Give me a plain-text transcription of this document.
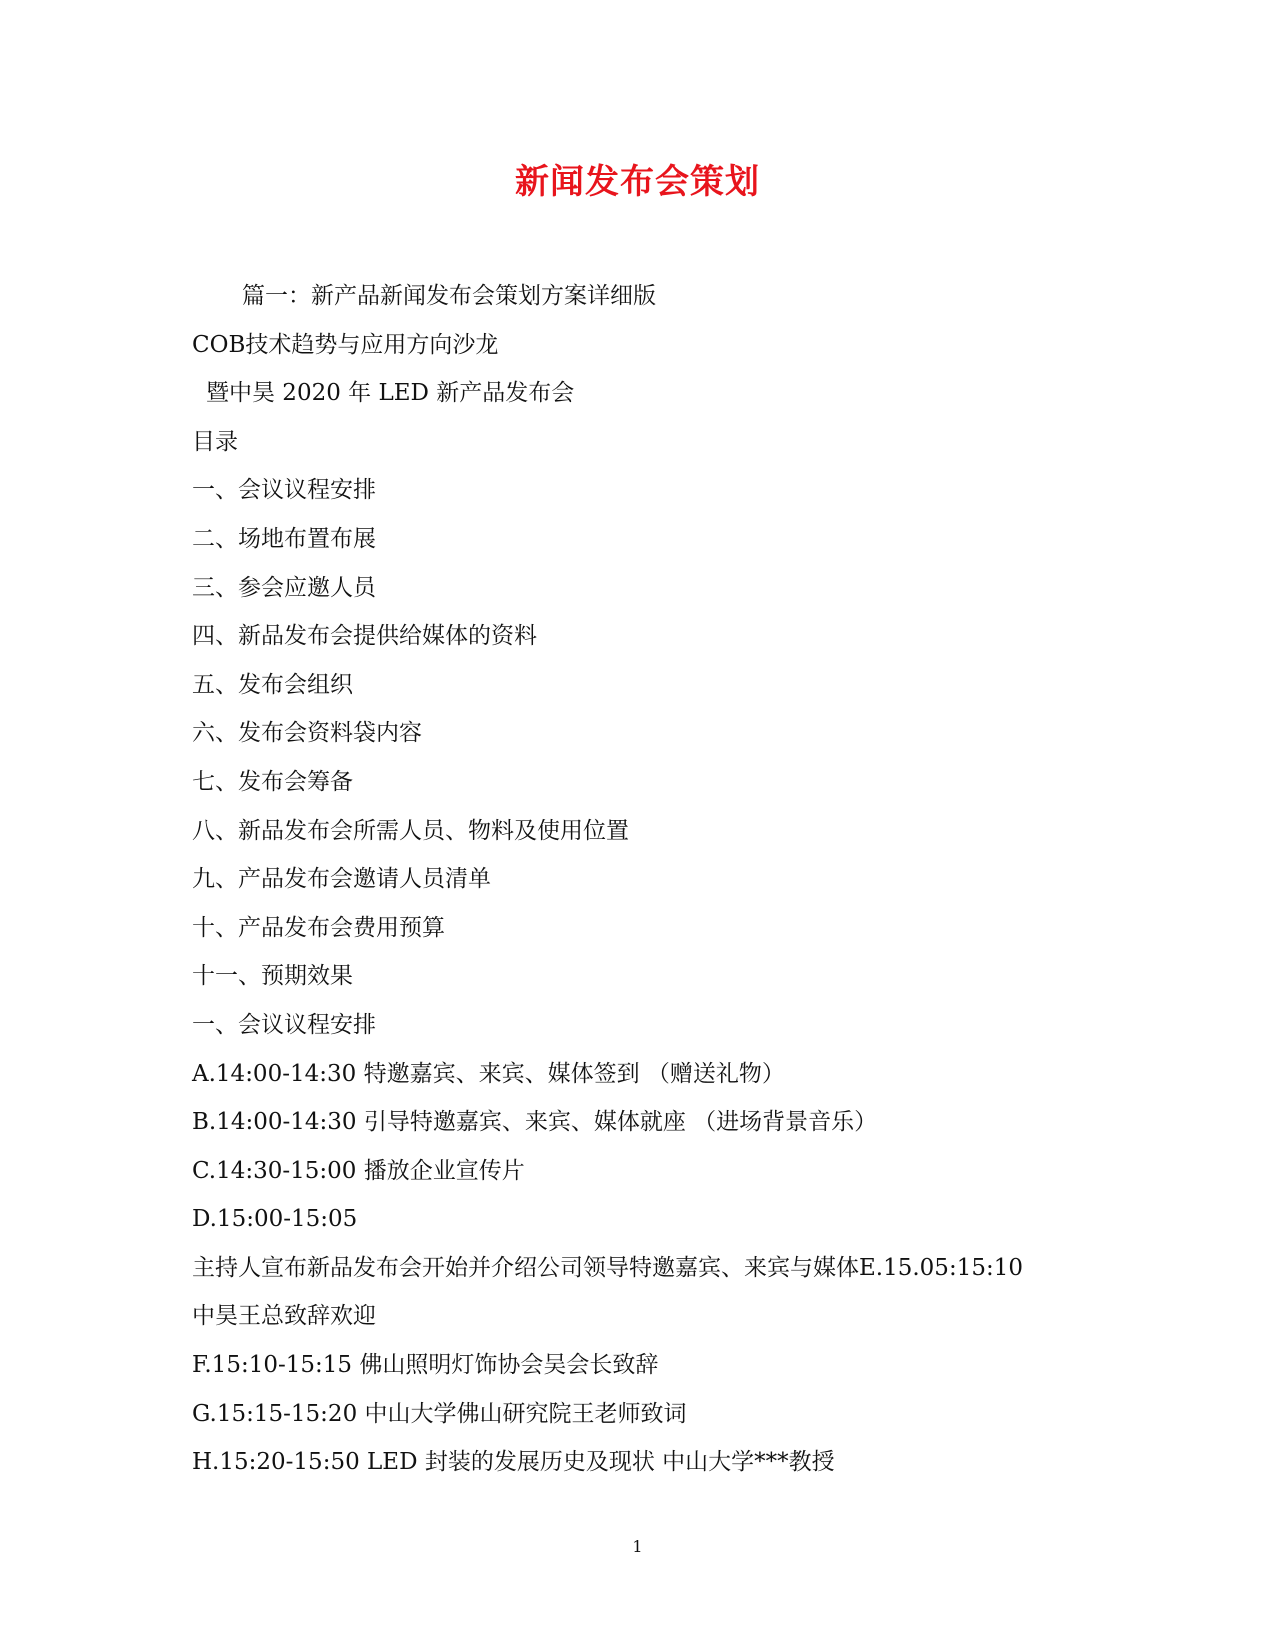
新闻发布会策划
篇一：新产品新闻发布会策划方案详细版
COB技术趋势与应用方向沙龙
暨中昊 2020 年 LED 新产品发布会
目录
一、会议议程安排
二、场地布置布展
三、参会应邀人员
四、新品发布会提供给媒体的资料
五、发布会组织
六、发布会资料袋内容
七、发布会筹备
八、新品发布会所需人员、物料及使用位置
九、产品发布会邀请人员清单
十、产品发布会费用预算
十一、预期效果
一、会议议程安排
A.14:00-14:30 特邀嘉宾、来宾、媒体签到 （赠送礼物）
B.14:00-14:30 引导特邀嘉宾、来宾、媒体就座 （进场背景音乐）
C.14:30-15:00 播放企业宣传片
D.15:00-15:05
主持人宣布新品发布会开始并介绍公司领导特邀嘉宾、来宾与媒体E.15.05:15:10
中昊王总致辞欢迎
F.15:10-15:15 佛山照明灯饰协会吴会长致辞
G.15:15-15:20 中山大学佛山研究院王老师致词
H.15:20-15:50 LED 封装的发展历史及现状 中山大学***教授
1
